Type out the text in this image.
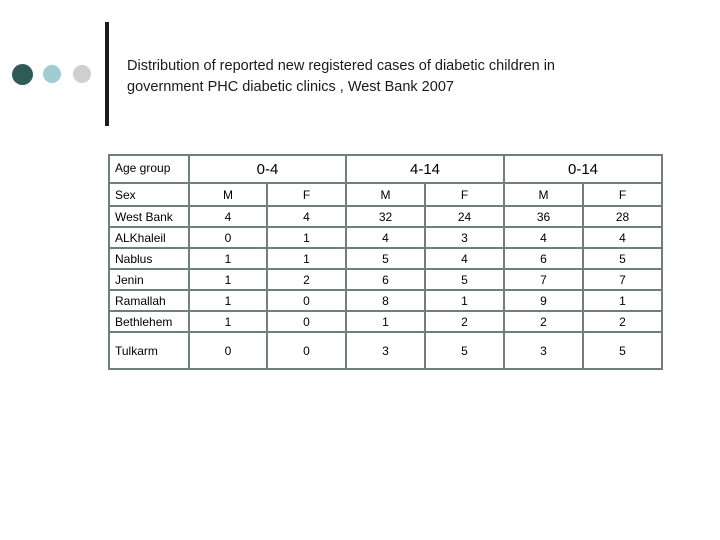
Distribution of reported new registered cases of diabetic children in
government PHC diabetic clinics , West Bank 2007
Age group	0-4		4-14		0-14	
Sex	M	F	M	F	M	F
West Bank	4	4	32	24	36	28
ALKhaleil	0	1	4	3	4	4
Nablus	1	1	5	4	6	5
Jenin	1	2	6	5	7	7
Ramallah	1	0	8	1	9	1
Bethlehem	1	0	1	2	2	2
Tulkarm	0	0	3	5	3	5
